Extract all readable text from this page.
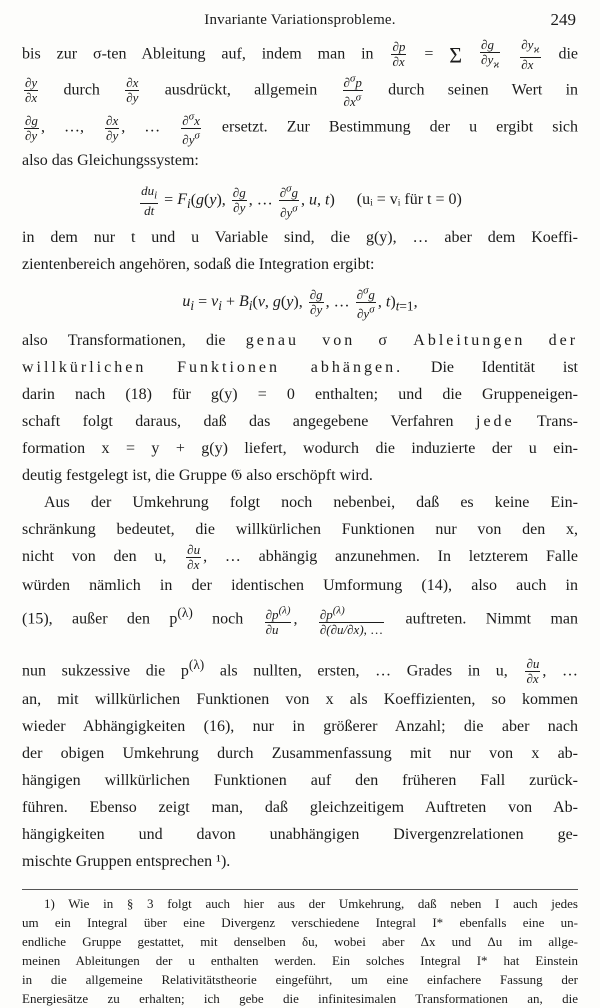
Invariante Variationsprobleme.	249
bis zur σ-ten Ableitung auf, indem man in $\frac{\partial p}{\partial x} = \Sigma \frac{\partial g}{\partial y_ϰ}$
$\frac{\partial y_ϰ}{\partial x}$ die
$\frac{\partial y}{\partial x}$ durch $\frac{\partial x}{\partial y}$ ausdrückt, allgemein $\frac{\partial^\sigma p}{\partial x^\sigma}$ durch seinen Wert in
$\frac{\partial g}{\partial y}$ , …, $\frac{\partial x}{\partial y}$ , … $\frac{\partial^\sigma x}{\partial y^\sigma}$ ersetzt. Zur Bestimmung der u ergibt sich
also das Gleichungssystem:
$\frac{du_i}{dt} = F_i(g(y)$, $\frac{\partial g}{\partial y}$ , … $\frac{\partial^\sigma g}{\partial y^\sigma}$ , u, t) (uᵢ = vᵢ für t = 0)
in dem nur t und u Variable sind, die g(y), … aber dem Koeffi-
zientenbereich angehören, sodaß die Integration ergibt:
$u_i = v_i + B_i(v$, g(y), $\frac{\partial g}{\partial y}$ , … $\frac{\partial^\sigma g}{\partial y^\sigma}$ , $t)_{t=1}$,
also Transformationen, die genau von σ Ableitungen der
willkürlichen Funktionen abhängen. Die Identität ist
darin nach (18) für g(y) = 0 enthalten; und die Gruppeneigen-
schaft folgt daraus, daß das angegebene Verfahren jede Trans-
formation x = y + g(y) liefert, wodurch die induzierte der u ein-
deutig festgelegt ist, die Gruppe 𝔊 also erschöpft wird.
Aus der Umkehrung folgt noch nebenbei, daß es keine Ein-
schränkung bedeutet, die willkürlichen Funktionen nur von den x,
nicht von den u, $\frac{\partial u}{\partial x}$ , … abhängig anzunehmen. In letzterem Falle
würden nämlich in der identischen Umformung (14), also auch in
(15), außer den $p^{(\lambda)}$ noch $\frac{\partial p^{(\lambda)}}{\partial u}$ , $\frac{\partial p^{(\lambda)}}{\partial(\partial u/\partial x), \dots}$ auftreten. Nimmt man
nun sukzessive die $p^{(\lambda)}$ als nullten, ersten, … Grades in u, $\frac{\partial u}{\partial x}$ , …
an, mit willkürlichen Funktionen von x als Koeffizienten, so kommen
wieder Abhängigkeiten (16), nur in größerer Anzahl; die aber nach
der obigen Umkehrung durch Zusammenfassung mit nur von x ab-
hängigen willkürlichen Funktionen auf den früheren Fall zurück-
führen. Ebenso zeigt man, daß gleichzeitigem Auftreten von Ab-
hängigkeiten und davon unabhängigen Divergenzrelationen ge-
mischte Gruppen entsprechen ¹).
1) Wie in § 3 folgt auch hier aus der Umkehrung, daß neben I auch jedes
um ein Integral über eine Divergenz verschiedene Integral I* ebenfalls eine un-
endliche Gruppe gestattet, mit denselben δu, wobei aber Δx und Δu im allge-
meinen Ableitungen der u enthalten werden. Ein solches Integral I* hat Einstein
in die allgemeine Relativitätstheorie eingeführt, um eine einfachere Fassung der
Energiesätze zu erhalten; ich gebe die infinitesimalen Transformationen an, die
